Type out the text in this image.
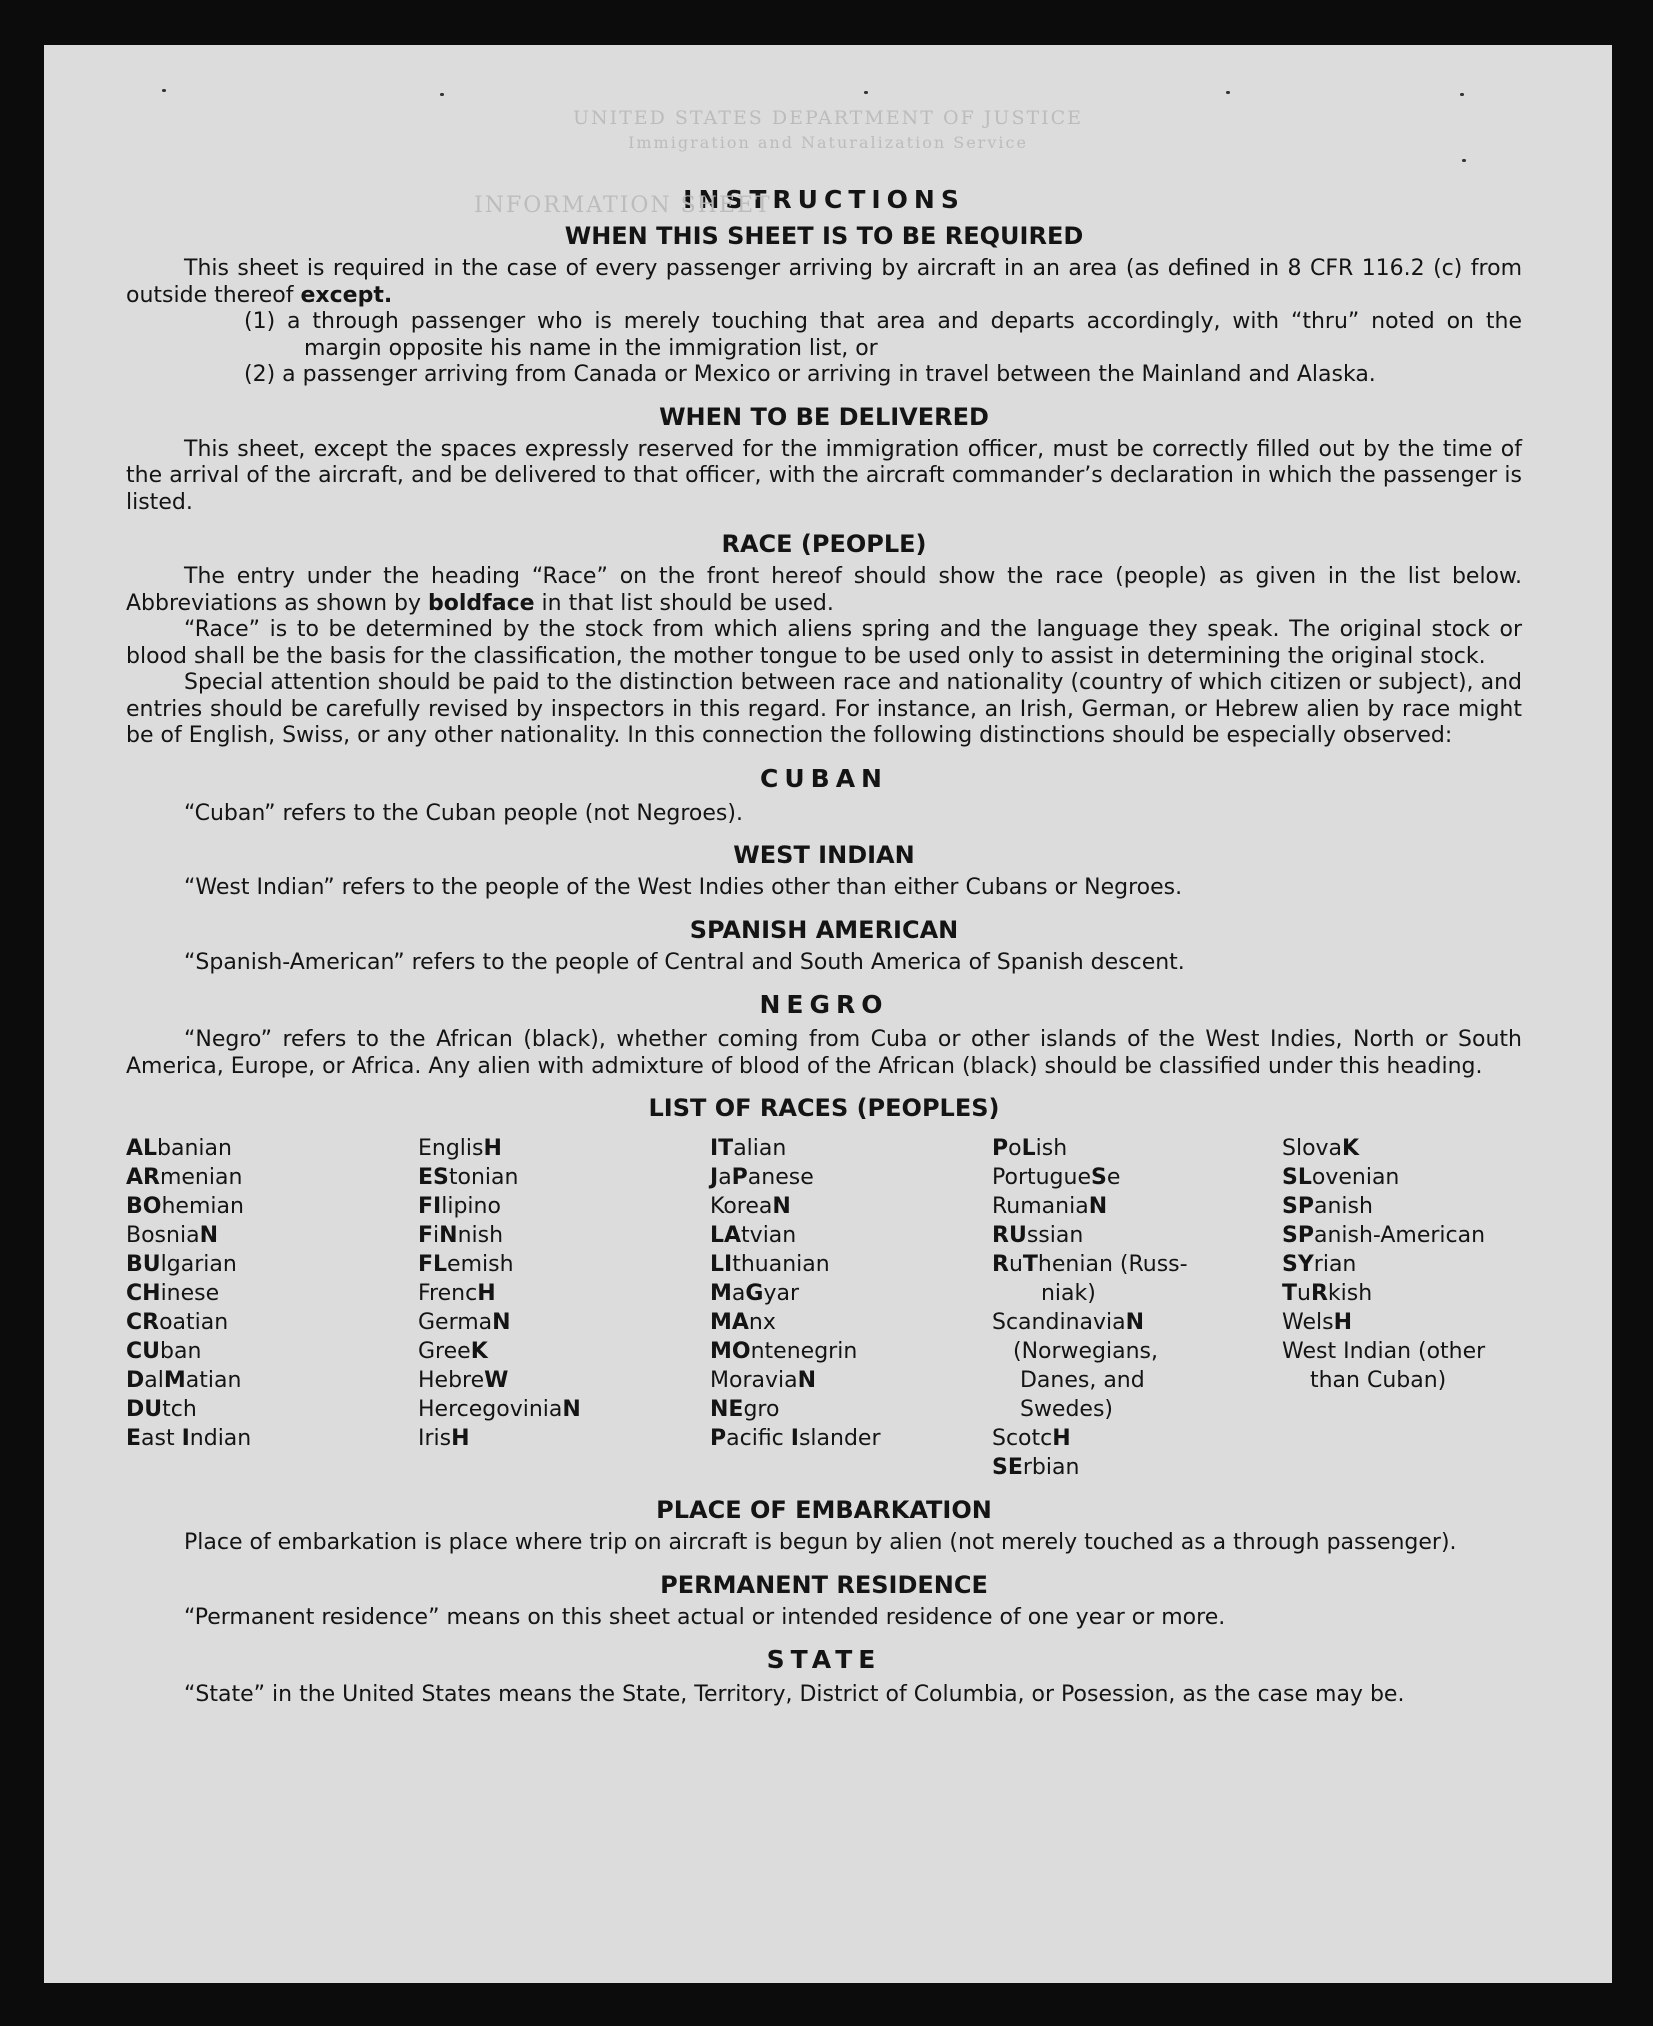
UNITED STATES DEPARTMENT OF JUSTICE
Immigration and Naturalization Service
INFORMATION SHEET
INSTRUCTIONS
WHEN THIS SHEET IS TO BE REQUIRED

This sheet is required in the case of every passenger arriving by aircraft in an area (as defined in 8 CFR 116.2 (c) from outside thereof except.

(1) a through passenger who is merely touching that area and departs accordingly, with “thru” noted on the margin opposite his name in the immigration list, or

(2) a passenger arriving from Canada or Mexico or arriving in travel between the Mainland and Alaska.

WHEN TO BE DELIVERED

This sheet, except the spaces expressly reserved for the immigration officer, must be correctly filled out by the time of the arrival of the aircraft, and be delivered to that officer, with the aircraft commander’s declaration in which the passenger is listed.

RACE (PEOPLE)

The entry under the heading “Race” on the front hereof should show the race (people) as given in the list below. Abbreviations as shown by boldface in that list should be used.

“Race” is to be determined by the stock from which aliens spring and the language they speak. The original stock or blood shall be the basis for the classification, the mother tongue to be used only to assist in determining the original stock.

Special attention should be paid to the distinction between race and nationality (country of which citizen or subject), and entries should be carefully revised by inspectors in this regard. For instance, an Irish, German, or Hebrew alien by race might be of English, Swiss, or any other nationality. In this connection the following distinctions should be especially observed:

CUBAN

“Cuban” refers to the Cuban people (not Negroes).

WEST INDIAN

“West Indian” refers to the people of the West Indies other than either Cubans or Negroes.

SPANISH AMERICAN

“Spanish-American” refers to the people of Central and South America of Spanish descent.

NEGRO

“Negro” refers to the African (black), whether coming from Cuba or other islands of the West Indies, North or South America, Europe, or Africa. Any alien with admixture of blood of the African (black) should be classified under this heading.

LIST OF RACES (PEOPLES)
ALbanian
ARmenian
BOhemian
BosniaN
BUlgarian
CHinese
CRoatian
CUban
DalMatian
DUtch
East Indian
EnglisH
EStonian
FIlipino
FiNnish
FLemish
FrencH
GermaN
GreeK
HebreW
HercegoviniaN
IrisH
ITalian
JaPanese
KoreaN
LAtvian
LIthuanian
MaGyar
MAnx
MOntenegrin
MoraviaN
NEgro
Pacific Islander
PoLish
PortugueSe
RumaniaN
RUssian
RuThenian (Russ-
niak)
ScandinaviaN
(Norwegians,
Danes, and
Swedes)
ScotcH
SErbian
SlovaK
SLovenian
SPanish
SPanish-American
SYrian
TuRkish
WelsH
West Indian (other
than Cuban)
PLACE OF EMBARKATION

Place of embarkation is place where trip on aircraft is begun by alien (not merely touched as a through passenger).

PERMANENT RESIDENCE

“Permanent residence” means on this sheet actual or intended residence of one year or more.

STATE

“State” in the United States means the State, Territory, District of Columbia, or Posession, as the case may be.
